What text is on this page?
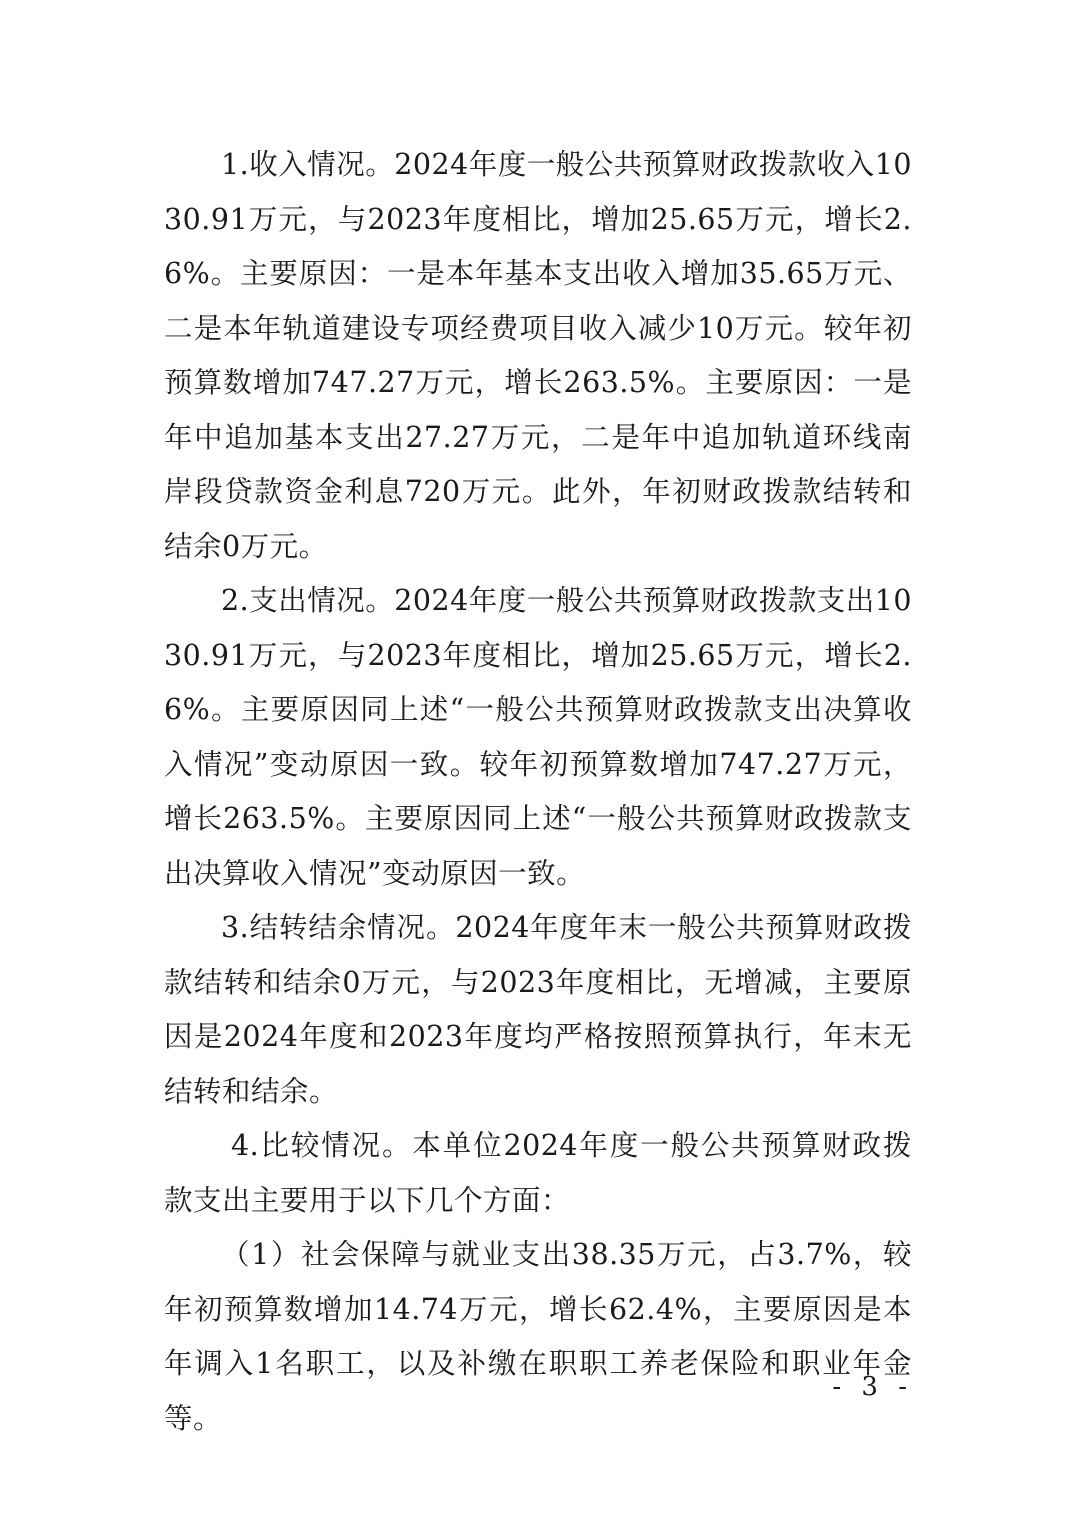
1.收入情况。2024年度一般公共预算财政拨款收入1030.91万元，与2023年度相比，增加25.65万元，增长2.6%。主要原因：一是本年基本支出收入增加35.65万元、二是本年轨道建设专项经费项目收入减少10万元。较年初预算数增加747.27万元，增长263.5%。主要原因：一是年中追加基本支出27.27万元，二是年中追加轨道环线南岸段贷款资金利息720万元。此外，年初财政拨款结转和结余0万元。

2.支出情况。2024年度一般公共预算财政拨款支出1030.91万元，与2023年度相比，增加25.65万元，增长2.6%。主要原因同上述“一般公共预算财政拨款支出决算收入情况”变动原因一致。较年初预算数增加747.27万元，增长263.5%。主要原因同上述“一般公共预算财政拨款支出决算收入情况”变动原因一致。

3.结转结余情况。2024年度年末一般公共预算财政拨款结转和结余0万元，与2023年度相比，无增减，主要原因是2024年度和2023年度均严格按照预算执行，年末无结转和结余。

4.比较情况。本单位2024年度一般公共预算财政拨款支出主要用于以下几个方面：

（1）社会保障与就业支出38.35万元，占3.7%，较年初预算数增加14.74万元，增长62.4%，主要原因是本年调入1名职工，以及补缴在职职工养老保险和职业年金等。

- 3 -
